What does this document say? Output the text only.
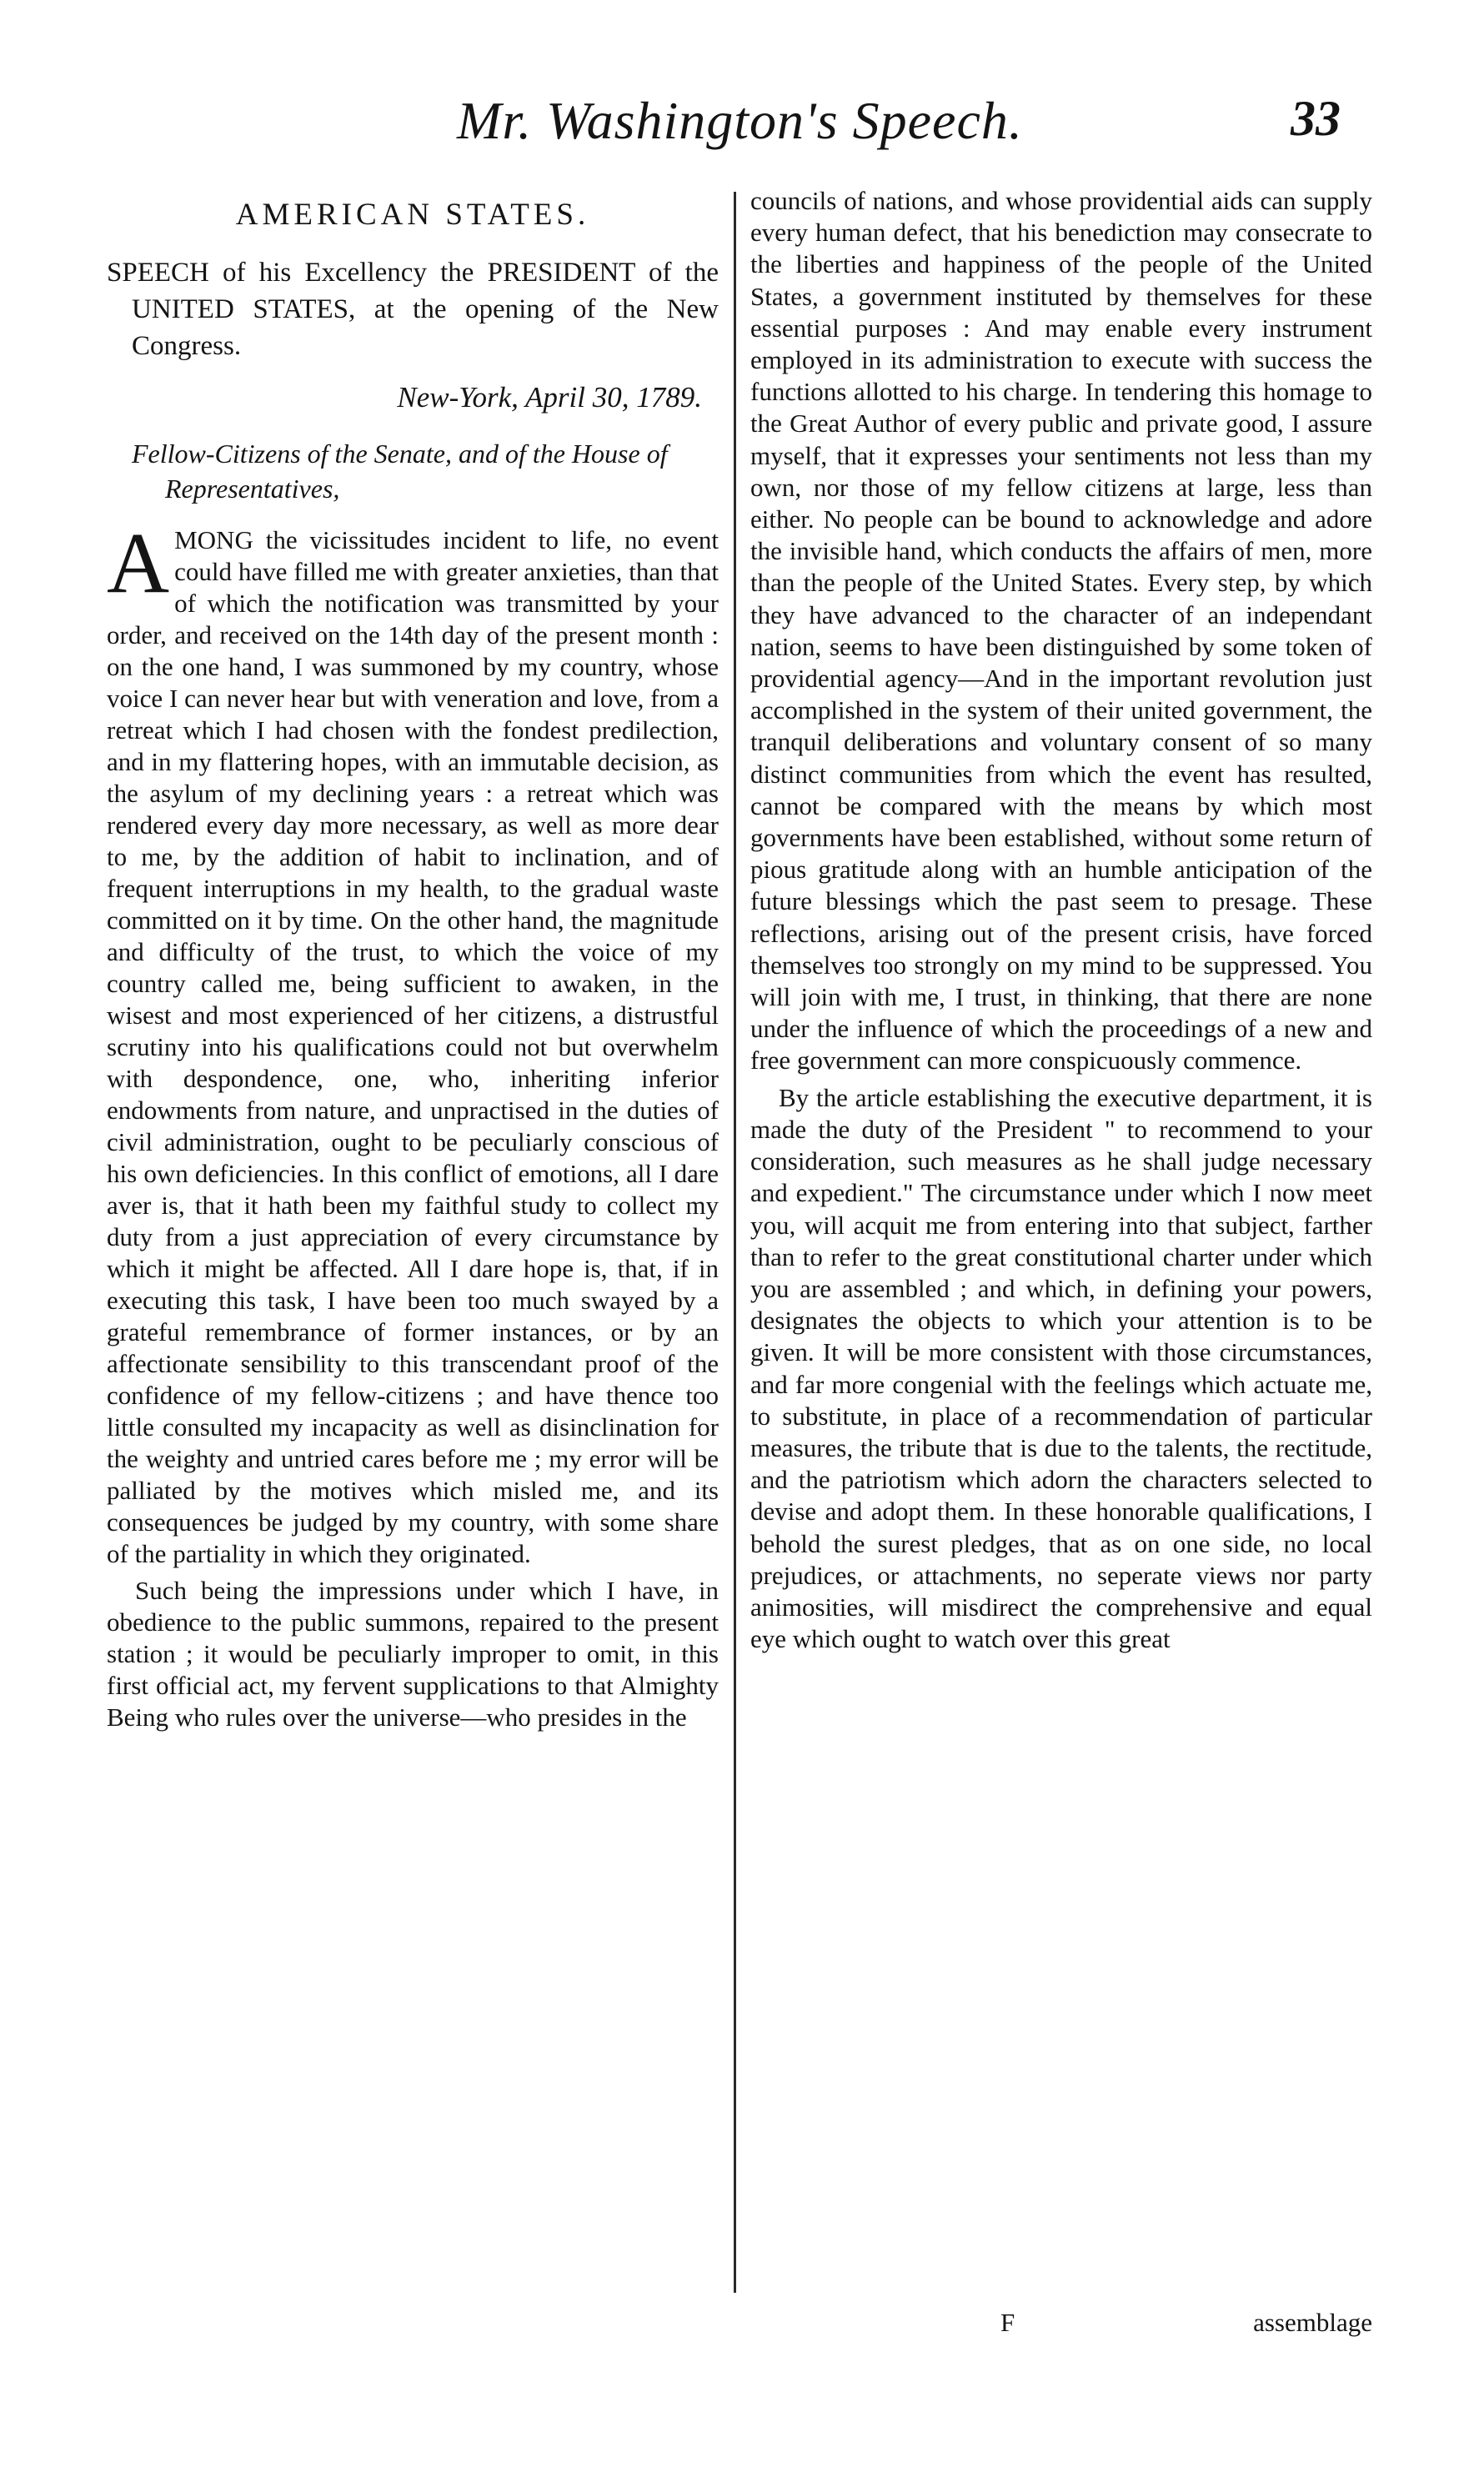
Mr. Washington's Speech.	33
AMERICAN STATES.

SPEECH of his Excellency the PRESIDENT of the UNITED STATES, at the opening of the New Congress.

New-York, April 30, 1789.
Fellow-Citizens of the Senate, and of the House of Representatives,

A MONG the vicissitudes incident to life, no event could have filled me with greater anxieties, than that of which the notification was transmitted by your order, and received on the 14th day of the present month : on the one hand, I was summoned by my country, whose voice I can never hear but with veneration and love, from a retreat which I had chosen with the fondest predilection, and in my flattering hopes, with an immutable decision, as the asylum of my declining years : a retreat which was rendered every day more necessary, as well as more dear to me, by the addition of habit to inclination, and of frequent interruptions in my health, to the gradual waste committed on it by time. On the other hand, the magnitude and difficulty of the trust, to which the voice of my country called me, being sufficient to awaken, in the wisest and most experienced of her citizens, a distrustful scrutiny into his qualifications could not but overwhelm with despondence, one, who, inheriting inferior endowments from nature, and unpractised in the duties of civil administration, ought to be peculiarly conscious of his own deficiencies. In this conflict of emotions, all I dare aver is, that it hath been my faithful study to collect my duty from a just appreciation of every circumstance by which it might be affected. All I dare hope is, that, if in executing this task, I have been too much swayed by a grateful remembrance of former instances, or by an affectionate sensibility to this transcendant proof of the confidence of my fellow-citizens ; and have thence too little consulted my incapacity as well as disinclination for the weighty and untried cares before me ; my error will be palliated by the motives which misled me, and its consequences be judged by my country, with some share of the partiality in which they originated.

Such being the impressions under which I have, in obedience to the public summons, repaired to the present station ; it would be peculiarly improper to omit, in this first official act, my fervent supplications to that Almighty Being who rules over the universe—who presides in the

councils of nations, and whose providential aids can supply every human defect, that his benediction may consecrate to the liberties and happiness of the people of the United States, a government instituted by themselves for these essential purposes : And may enable every instrument employed in its administration to execute with success the functions allotted to his charge. In tendering this homage to the Great Author of every public and private good, I assure myself, that it expresses your sentiments not less than my own, nor those of my fellow citizens at large, less than either. No people can be bound to acknowledge and adore the invisible hand, which conducts the affairs of men, more than the people of the United States. Every step, by which they have advanced to the character of an independant nation, seems to have been distinguished by some token of providential agency—And in the important revolution just accomplished in the system of their united government, the tranquil deliberations and voluntary consent of so many distinct communities from which the event has resulted, cannot be compared with the means by which most governments have been established, without some return of pious gratitude along with an humble anticipation of the future blessings which the past seem to presage. These reflections, arising out of the present crisis, have forced themselves too strongly on my mind to be suppressed. You will join with me, I trust, in thinking, that there are none under the influence of which the proceedings of a new and free government can more conspicuously commence.

By the article establishing the executive department, it is made the duty of the President " to recommend to your consideration, such measures as he shall judge necessary and expedient." The circumstance under which I now meet you, will acquit me from entering into that subject, farther than to refer to the great constitutional charter under which you are assembled ; and which, in defining your powers, designates the objects to which your attention is to be given. It will be more consistent with those circumstances, and far more congenial with the feelings which actuate me, to substitute, in place of a recommendation of particular measures, the tribute that is due to the talents, the rectitude, and the patriotism which adorn the characters selected to devise and adopt them. In these honorable qualifications, I behold the surest pledges, that as on one side, no local prejudices, or attachments, no seperate views nor party animosities, will misdirect the comprehensive and equal eye which ought to watch over this great

F	assemblage
